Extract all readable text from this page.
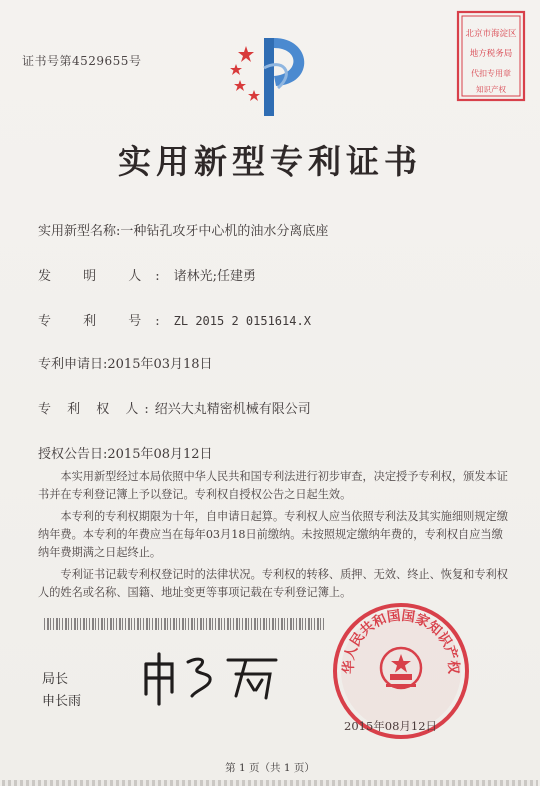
证书号第4529655号
北京市海淀区
地方税务局
代扣专用章
知识产权
实用新型专利证书
实用新型名称:一种钻孔攻牙中心机的油水分离底座
发 明 人:诸林光;任建勇
专 利 号:ZL 2015 2 0151614.X
专利申请日:2015年03月18日
专 利 权 人:绍兴大丸精密机械有限公司
授权公告日:2015年08月12日
本实用新型经过本局依照中华人民共和国专利法进行初步审查，决定授予专利权，颁发本证书并在专利登记簿上予以登记。专利权自授权公告之日起生效。
本专利的专利权期限为十年，自申请日起算。专利权人应当依照专利法及其实施细则规定缴纳年费。本专利的年费应当在每年03月18日前缴纳。未按照规定缴纳年费的，专利权自应当缴纳年费期满之日起终止。
专利证书记载专利权登记时的法律状况。专利权的转移、质押、无效、终止、恢复和专利权人的姓名或名称、国籍、地址变更等事项记载在专利登记簿上。
局长
申长雨
华人民共和国国家知识产权
2015年08月12日
第 1 页（共 1 页）
